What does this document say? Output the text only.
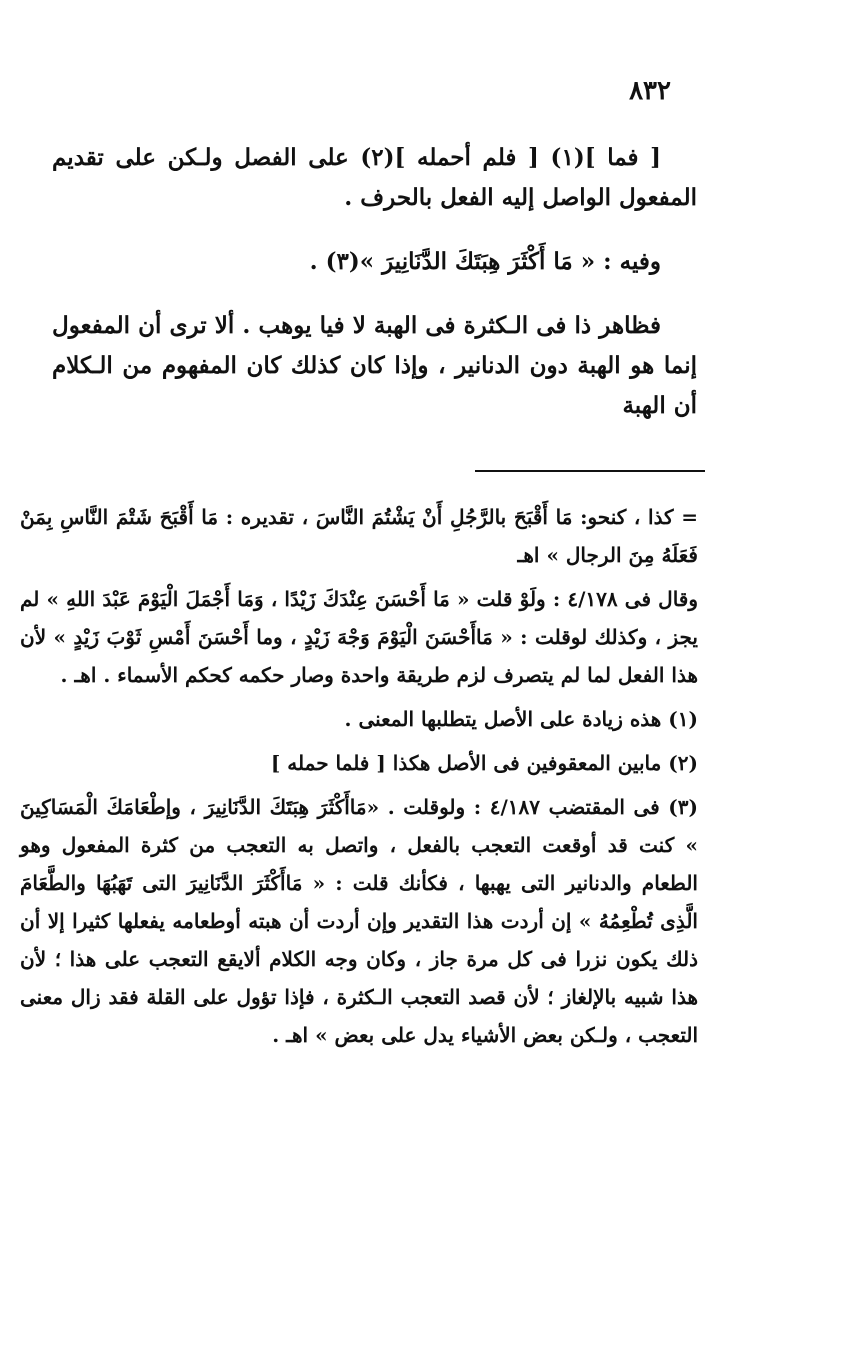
٨٣٢

[ فما ](١) [ فلم أحمله ](٢) على الفصل ولـكن على تقديم المفعول الواصل إليه الفعل بالحرف .

وفيه : « مَا أَكْثَرَ هِبَتَكَ الدَّنَانِيرَ »(٣) .

فظاهر ذا فى الـكثرة فى الهبة لا فيا يوهب . ألا ترى أن المفعول إنما هو الهبة دون الدنانير ، وإذا كان كذلك كان المفهوم من الـكلام أن الهبة

= كذا ، كنحو: مَا أَقْبَحَ بالرَّجُلِ أَنْ يَشْتُمَ النَّاسَ ، تقديره : مَا أَقْبَحَ شَتْمَ النَّاسِ بِمَنْ فَعَلَهُ مِنَ الرجال » اهـ

وقال فى ٤/١٧٨ : ولَوْ قلت « مَا أَحْسَنَ عِنْدَكَ زَيْدًا ، وَمَا أَجْمَلَ الْيَوْمَ عَبْدَ اللهِ » لم يجز ، وكذلك لوقلت : « مَاأَحْسَنَ الْيَوْمَ وَجْهَ زَيْدٍ ، وما أَحْسَنَ أَمْسِ ثَوْبَ زَيْدٍ » لأن هذا الفعل لما لم يتصرف لزم طريقة واحدة وصار حكمه كحكم الأسماء . اهـ .

(١) هذه زيادة على الأصل يتطلبها المعنى .

(٢) مابين المعقوفين فى الأصل هكذا [ فلما حمله ]

(٣) فى المقتضب ٤/١٨٧ : ولوقلت . «مَاأَكْثَرَ هِبَتَكَ الدَّنَانِيرَ ، وإطْعَامَكَ الْمَسَاكِينَ » كنت قد أوقعت التعجب بالفعل ، واتصل به التعجب من كثرة المفعول وهو الطعام والدنانير التى يهبها ، فكأنك قلت : « مَاأَكْثَرَ الدَّنَانِيرَ التى تَهَبُهَا والطَّعَامَ الَّذِى تُطْعِمُهُ » إن أردت هذا التقدير وإن أردت أن هبته أوطعامه يفعلها كثيرا إلا أن ذلك يكون نزرا فى كل مرة جاز ، وكان وجه الكلام ألايقع التعجب على هذا ؛ لأن هذا شبيه بالإلغاز ؛ لأن قصد التعجب الـكثرة ، فإذا تؤول على القلة فقد زال معنى التعجب ، ولـكن بعض الأشياء يدل على بعض » اهـ .
